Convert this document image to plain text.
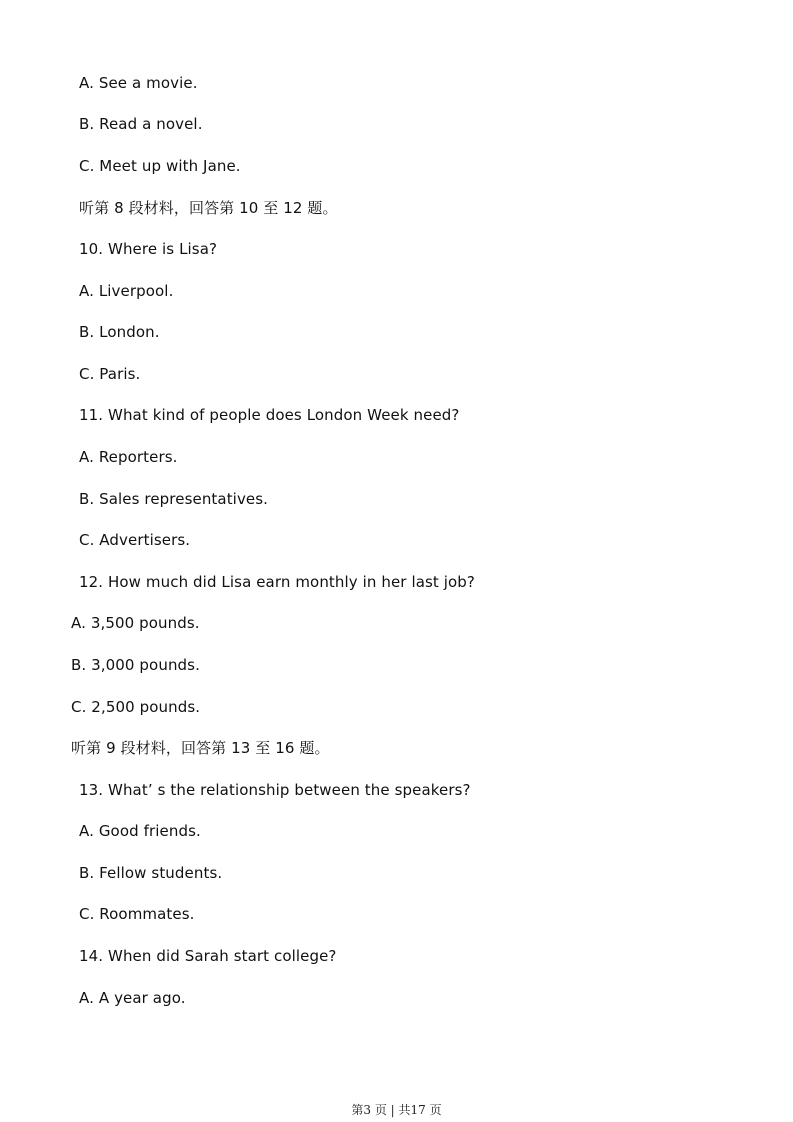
A. See a movie.
B. Read a novel.
C. Meet up with Jane.
听第 8 段材料，回答第 10 至 12 题。
10. Where is Lisa?
A. Liverpool.
B. London.
C. Paris.
11. What kind of people does London Week need?
A. Reporters.
B. Sales representatives.
C. Advertisers.
12. How much did Lisa earn monthly in her last job?
A. 3,500 pounds.
B. 3,000 pounds.
C. 2,500 pounds.
听第 9 段材料，回答第 13 至 16 题。
13. What’ s the relationship between the speakers?
A. Good friends.
B. Fellow students.
C. Roommates.
14. When did Sarah start college?
A. A year ago.
第3 页 | 共17 页
